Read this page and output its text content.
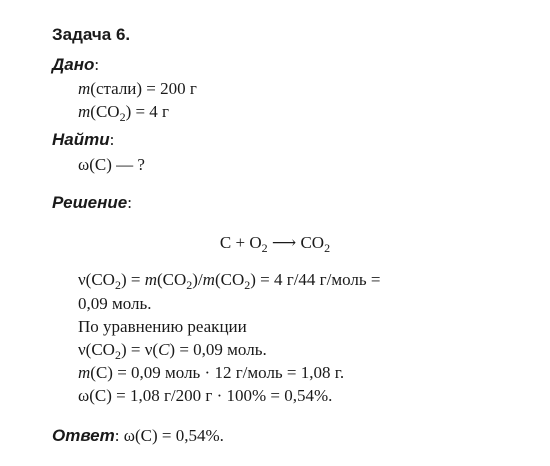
Задача 6.
Дано:
m(стали) = 200 г
$m(CO_2) = 4$ г
Найти:
ω(C) — ?
Решение:
$C + O_2$ ⟶ $CO_2$
$\nu(CO_2) = m(CO_2)/m(CO_2) = 4$ г/44 г/моль =
0,09 моль.
По уравнению реакции
$\nu(CO_2) = \nu(C) = 0,09$ моль.
m(C) = 0,09 моль · 12 г/моль = 1,08 г.
ω(C) = 1,08 г/200 г · 100% = 0,54%.
Ответ: ω(C) = 0,54%.
